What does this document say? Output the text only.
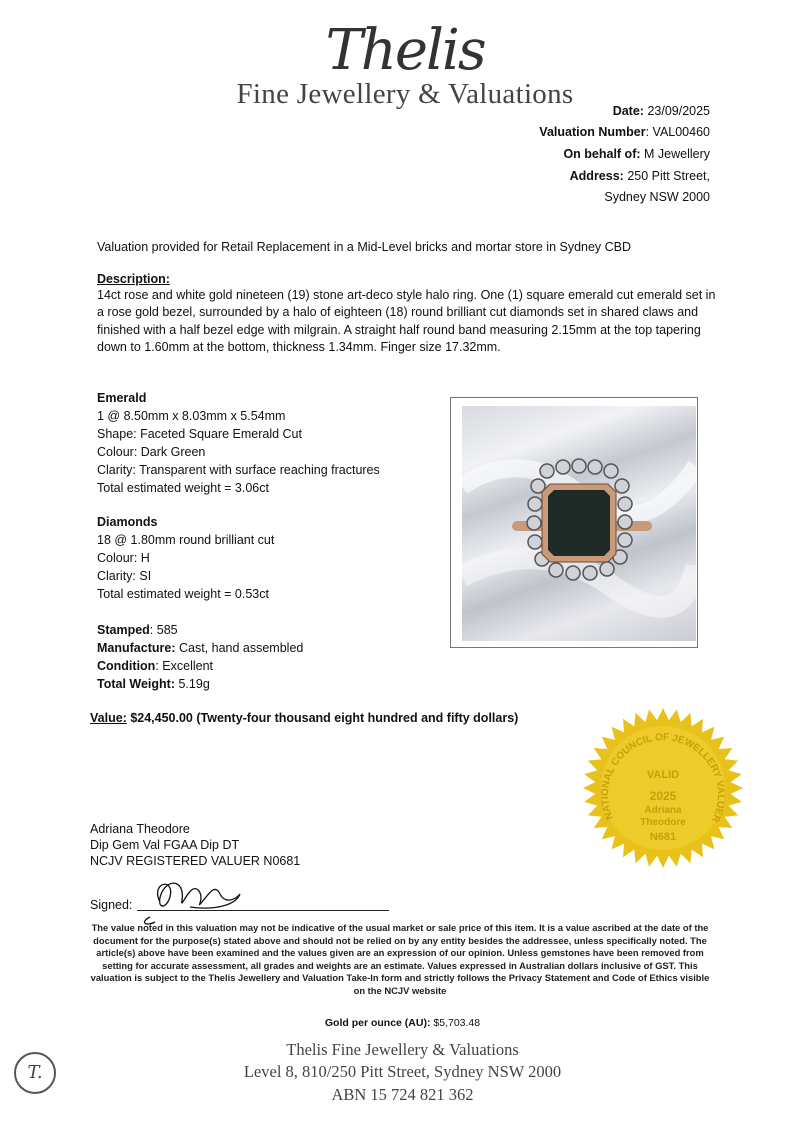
Thelis
Fine Jewellery & Valuations
Date: 23/09/2025
Valuation Number: VAL00460
On behalf of: M Jewellery
Address: 250 Pitt Street,
Sydney NSW 2000
Valuation provided for Retail Replacement in a Mid-Level bricks and mortar store in Sydney CBD
Description:
14ct rose and white gold nineteen (19) stone art-deco style halo ring. One (1) square emerald cut emerald set in a rose gold bezel, surrounded by a halo of eighteen (18) round brilliant cut diamonds set in shared claws and finished with a half bezel edge with milgrain. A straight half round band measuring 2.15mm at the top tapering down to 1.60mm at the bottom, thickness 1.34mm. Finger size 17.32mm.
Emerald
1 @ 8.50mm x 8.03mm x 5.54mm
Shape: Faceted Square Emerald Cut
Colour: Dark Green
Clarity: Transparent with surface reaching fractures
Total estimated weight = 3.06ct
Diamonds
18 @ 1.80mm round brilliant cut
Colour: H
Clarity: SI
Total estimated weight = 0.53ct
Stamped: 585
Manufacture: Cast, hand assembled
Condition: Excellent
Total Weight: 5.19g
Value: $24,450.00 (Twenty-four thousand eight hundred and fifty dollars)
NATIONAL COUNCIL OF JEWELLERY VALUER
VALID
2025
Adriana
Theodore
N681
Adriana Theodore
Dip Gem Val FGAA Dip DT
NCJV REGISTERED VALUER N0681
Signed:
The value noted in this valuation may not be indicative of the usual market or sale price of this item. It is a value ascribed at the date of the document for the purpose(s) stated above and should not be relied on by any entity besides the addressee, unless specifically noted. The article(s) above have been examined and the values given are an expression of our opinion. Unless gemstones have been removed from setting for accurate assessment, all grades and weights are an estimate. Values expressed in Australian dollars inclusive of GST. This valuation is subject to the Thelis Jewellery and Valuation Take-In form and strictly follows the Privacy Statement and Code of Ethics visible on the NCJV website
Gold per ounce (AU): $5,703.48
T.
Thelis Fine Jewellery & Valuations
Level 8, 810/250 Pitt Street, Sydney NSW 2000
ABN 15 724 821 362
